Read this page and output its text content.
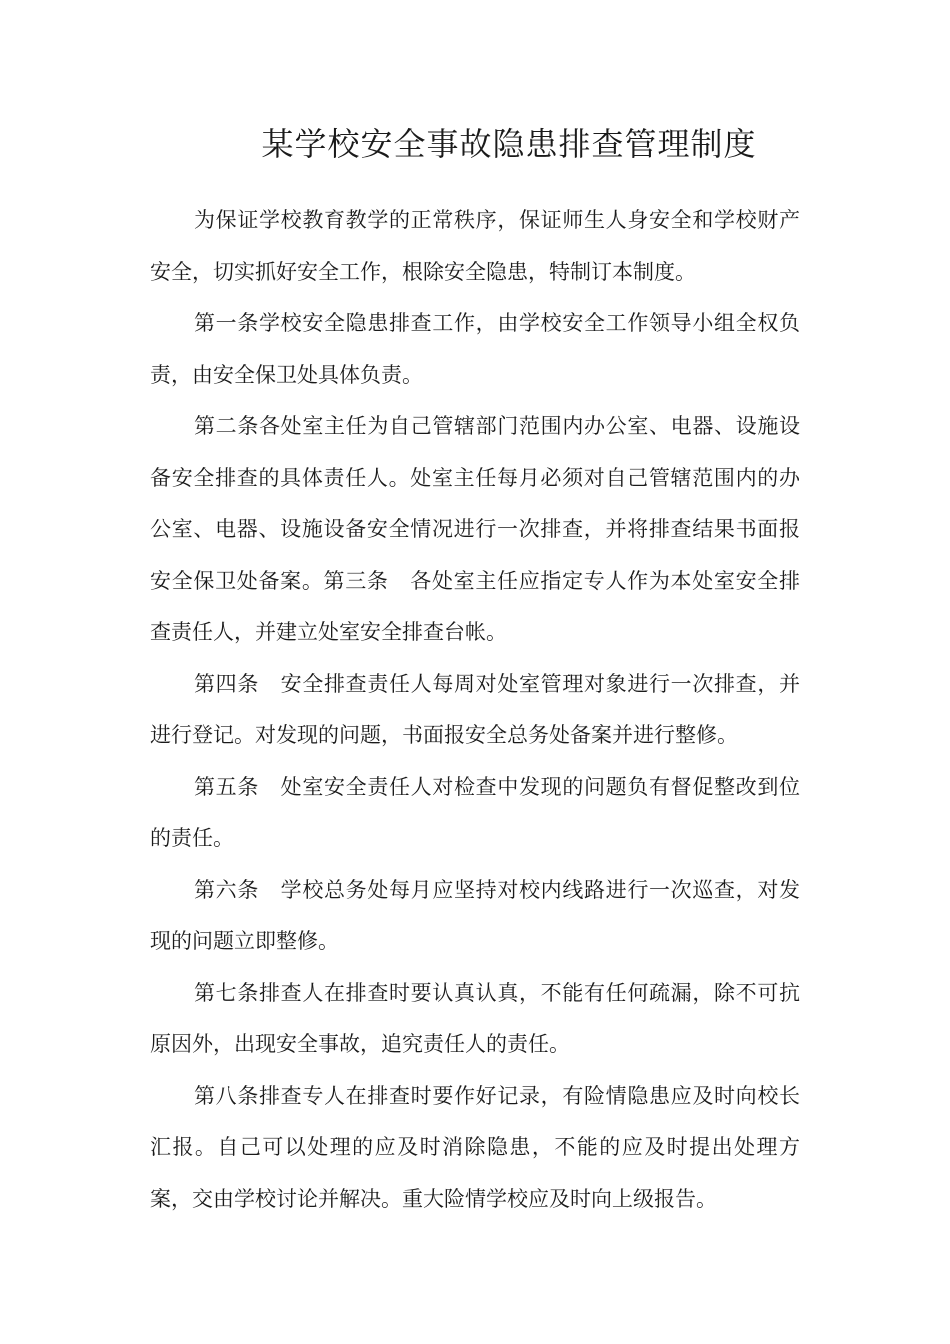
某学校安全事故隐患排查管理制度

为保证学校教育教学的正常秩序，保证师生人身安全和学校财产安全，切实抓好安全工作，根除安全隐患，特制订本制度。

第一条学校安全隐患排查工作，由学校安全工作领导小组全权负责，由安全保卫处具体负责。

第二条各处室主任为自己管辖部门范围内办公室、电器、设施设备安全排查的具体责任人。处室主任每月必须对自己管辖范围内的办公室、电器、设施设备安全情况进行一次排查，并将排查结果书面报安全保卫处备案。第三条　各处室主任应指定专人作为本处室安全排查责任人，并建立处室安全排查台帐。

第四条　安全排查责任人每周对处室管理对象进行一次排查，并进行登记。对发现的问题，书面报安全总务处备案并进行整修。

第五条　处室安全责任人对检查中发现的问题负有督促整改到位的责任。

第六条　学校总务处每月应坚持对校内线路进行一次巡查，对发现的问题立即整修。

第七条排查人在排查时要认真认真，不能有任何疏漏，除不可抗原因外，出现安全事故，追究责任人的责任。

第八条排查专人在排查时要作好记录，有险情隐患应及时向校长汇报。自己可以处理的应及时消除隐患，不能的应及时提出处理方案，交由学校讨论并解决。重大险情学校应及时向上级报告。
